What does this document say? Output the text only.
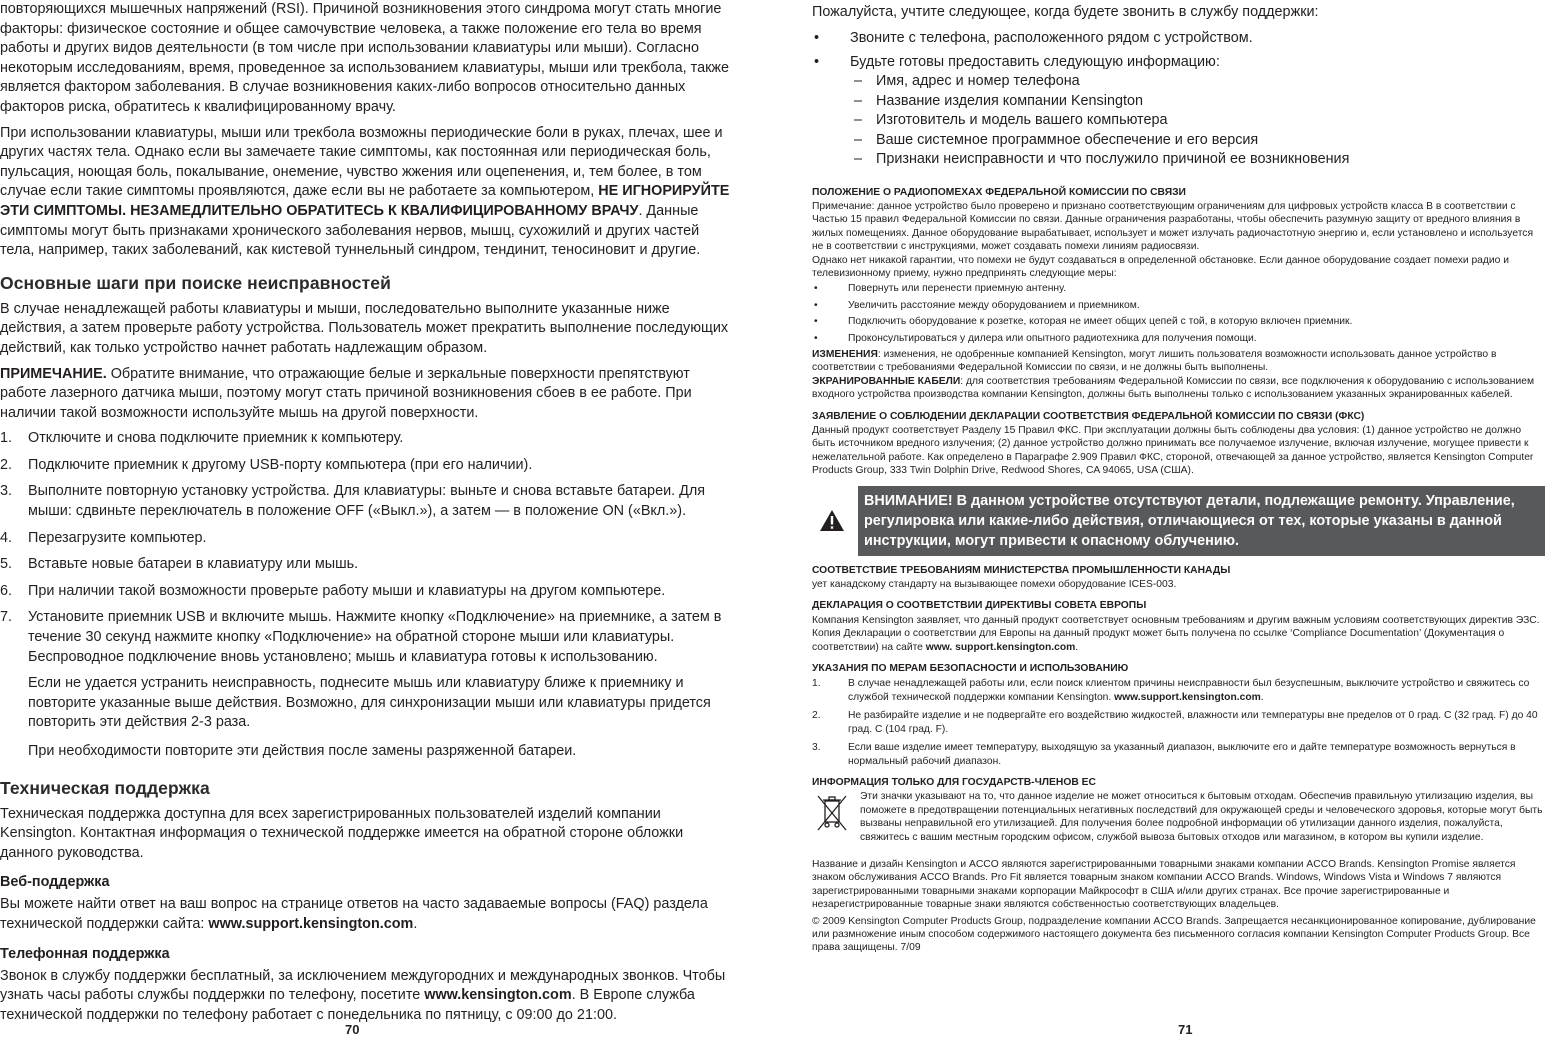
повторяющихся мышечных напряжений (RSI). Причиной возникновения этого синдрома могут стать многие факторы: физическое состояние и общее самочувствие человека, а также положение его тела во время работы и других видов деятельности (в том числе при использовании клавиатуры или мыши). Согласно некоторым исследованиям, время, проведенное за использованием клавиатуры, мыши или трекбола, также является фактором заболевания. В случае возникновения каких-либо вопросов относительно данных факторов риска, обратитесь к квалифицированному врачу.

При использовании клавиатуры, мыши или трекбола возможны периодические боли в руках, плечах, шее и других частях тела. Однако если вы замечаете такие симптомы, как постоянная или периодическая боль, пульсация, ноющая боль, покалывание, онемение, чувство жжения или оцепенения, и, тем более, в том случае если такие симптомы проявляются, даже если вы не работаете за компьютером, НЕ ИГНОРИРУЙТЕ ЭТИ СИМПТОМЫ. НЕЗАМЕДЛИТЕЛЬНО ОБРАТИТЕСЬ К КВАЛИФИЦИРОВАННОМУ ВРАЧУ. Данные симптомы могут быть признаками хронического заболевания нервов, мышц, сухожилий и других частей тела, например, таких заболеваний, как кистевой туннельный синдром, тендинит, теносиновит и другие.

Основные шаги при поиске неисправностей

В случае ненадлежащей работы клавиатуры и мыши, последовательно выполните указанные ниже действия, а затем проверьте работу устройства. Пользователь может прекратить выполнение последующих действий, как только устройство начнет работать надлежащим образом.

ПРИМЕЧАНИЕ. Обратите внимание, что отражающие белые и зеркальные поверхности препятствуют работе лазерного датчика мыши, поэтому могут стать причиной возникновения сбоев в ее работе. При наличии такой возможности используйте мышь на другой поверхности.

1. Отключите и снова подключите приемник к компьютеру.
2. Подключите приемник к другому USB-порту компьютера (при его наличии).
3. Выполните повторную установку устройства. Для клавиатуры: выньте и снова вставьте батареи. Для мыши: сдвиньте переключатель в положение OFF («Выкл.»), а затем — в положение ON («Вкл.»).
4. Перезагрузите компьютер.
5. Вставьте новые батареи в клавиатуру или мышь.
6. При наличии такой возможности проверьте работу мыши и клавиатуры на другом компьютере.
7. Установите приемник USB и включите мышь. Нажмите кнопку «Подключение» на приемнике, а затем в течение 30 секунд нажмите кнопку «Подключение» на обратной стороне мыши или клавиатуры. Беспроводное подключение вновь установлено; мышь и клавиатура готовы к использованию.

Если не удается устранить неисправность, поднесите мышь или клавиатуру ближе к приемнику и повторите указанные выше действия. Возможно, для синхронизации мыши или клавиатуры придется повторить эти действия 2-3 раза.

При необходимости повторите эти действия после замены разряженной батареи.

Техническая поддержка

Техническая поддержка доступна для всех зарегистрированных пользователей изделий компании Kensington. Контактная информация о технической поддержке имеется на обратной стороне обложки данного руководства.

Веб-поддержка

Вы можете найти ответ на ваш вопрос на странице ответов на часто задаваемые вопросы (FAQ) раздела технической поддержки сайта: www.support.kensington.com.

Телефонная поддержка

Звонок в службу поддержки бесплатный, за исключением междугородних и международных звонков. Чтобы узнать часы работы службы поддержки по телефону, посетите www.kensington.com. В Европе служба технической поддержки по телефону работает с понедельника по пятницу, с 09:00 до 21:00.

70

Пожалуйста, учтите следующее, когда будете звонить в службу поддержки:

• Звоните с телефона, расположенного рядом с устройством.
• Будьте готовы предоставить следующую информацию:
– Имя, адрес и номер телефона
– Название изделия компании Kensington
– Изготовитель и модель вашего компьютера
– Ваше системное программное обеспечение и его версия
– Признаки неисправности и что послужило причиной ее возникновения
ПОЛОЖЕНИЕ О РАДИОПОМЕХАХ ФЕДЕРАЛЬНОЙ КОМИССИИ ПО СВЯЗИ

Примечание: данное устройство было проверено и признано соответствующим ограничениям для цифровых устройств класса В в соответствии с Частью 15 правил Федеральной Комиссии по связи. Данные ограничения разработаны, чтобы обеспечить разумную защиту от вредного влияния в жилых помещениях. Данное оборудование вырабатывает, использует и может излучать радиочастотную энергию и, если установлено и используется не в соответствии с инструкциями, может создавать помехи линиям радиосвязи.

Однако нет никакой гарантии, что помехи не будут создаваться в определенной обстановке. Если данное оборудование создает помехи радио и телевизионному приему, нужно предпринять следующие меры:

• Повернуть или перенести приемную антенну.
• Увеличить расстояние между оборудованием и приемником.
• Подключить оборудование к розетке, которая не имеет общих цепей с той, в которую включен приемник.
• Проконсультироваться у дилера или опытного радиотехника для получения помощи.

ИЗМЕНЕНИЯ: изменения, не одобренные компанией Kensington, могут лишить пользователя возможности использовать данное устройство в соответствии с требованиями Федеральной Комиссии по связи, и не должны быть выполнены.

ЭКРАНИРОВАННЫЕ КАБЕЛИ: для соответствия требованиям Федеральной Комиссии по связи, все подключения к оборудованию с использованием входного устройства производства компании Kensington, должны быть выполнены только с использованием указанных экранированных кабелей.

ЗАЯВЛЕНИЕ О СОБЛЮДЕНИИ ДЕКЛАРАЦИИ СООТВЕТСТВИЯ ФЕДЕРАЛЬНОЙ КОМИССИИ ПО СВЯЗИ (ФКС)

Данный продукт соответствует Разделу 15 Правил ФКС. При эксплуатации должны быть соблюдены два условия: (1) данное устройство не должно быть источником вредного излучения; (2) данное устройство должно принимать все получаемое излучение, включая излучение, могущее привести к нежелательной работе. Как определено в Параграфе 2.909 Правил ФКС, стороной, отвечающей за данное устройство, является Kensington Computer Products Group, 333 Twin Dolphin Drive, Redwood Shores, CA 94065, USA (США).

ВНИМАНИЕ! В данном устройстве отсутствуют детали, подлежащие ремонту. Управление, регулировка или какие-либо действия, отличающиеся от тех, которые указаны в данной инструкции, могут привести к опасному облучению.
СООТВЕТСТВИЕ ТРЕБОВАНИЯМ МИНИСТЕРСТВА ПРОМЫШЛЕННОСТИ КАНАДЫ

ует канадскому стандарту на вызывающее помехи оборудование ICES-003.

ДЕКЛАРАЦИЯ О СООТВЕТСТВИИ ДИРЕКТИВЫ СОВЕТА ЕВРОПЫ

Компания Kensington заявляет, что данный продукт соответствует основным требованиям и другим важным условиям соответствующих директив ЭЗС.

Копия Декларации о соответствии для Европы на данный продукт может быть получена по ссылке ‘Compliance Documentation’ (Документация о соответствии) на сайте www. support.kensington.com.

УКАЗАНИЯ ПО МЕРАМ БЕЗОПАСНОСТИ И ИСПОЛЬЗОВАНИЮ
1.	В случае ненадлежащей работы или, если поиск клиентом причины неисправности был безуспешным, выключите устройство и свяжитесь со службой технической поддержки компании Kensington. www.support.kensington.com.
2.	Не разбирайте изделие и не подвергайте его воздействию жидкостей, влажности или температуры вне пределов от 0 град. С (32 град. F) до 40 град. С (104 град. F).
3.	Если ваше изделие имеет температуру, выходящую за указанный диапазон, выключите его и дайте температуре возможность вернуться в нормальный рабочий диапазон.
ИНФОРМАЦИЯ ТОЛЬКО ДЛЯ ГОСУДАРСТВ-ЧЛЕНОВ ЕС

Эти значки указывают на то, что данное изделие не может относиться к бытовым отходам. Обеспечив правильную утилизацию изделия, вы поможете в предотвращении потенциальных негативных последствий для окружающей среды и человеческого здоровья, которые могут быть вызваны неправильной его утилизацией. Для получения более подробной информации об утилизации данного изделия, пожалуйста, свяжитесь с вашим местным городским офисом, службой вывоза бытовых отходов или магазином, в котором вы купили изделие.

Название и дизайн Kensington и ACCO являются зарегистрированными товарными знаками компании ACCO Brands. Kensington Promise является знаком обслуживания ACCO Brands. Pro Fit является товарным знаком компании ACCO Brands. Windows, Windows Vista и Windows 7 являются зарегистрированными товарными знаками корпорации Майкрософт в США и/или других странах. Все прочие зарегистрированные и незарегистрированные товарные знаки являются собственностью соответствующих владельцев.

© 2009 Kensington Computer Products Group, подразделение компании ACCO Brands. Запрещается несанкционированное копирование, дублирование или размножение иным способом содержимого настоящего документа без письменного согласия компании Kensington Computer Products Group. Все права защищены. 7/09

71
